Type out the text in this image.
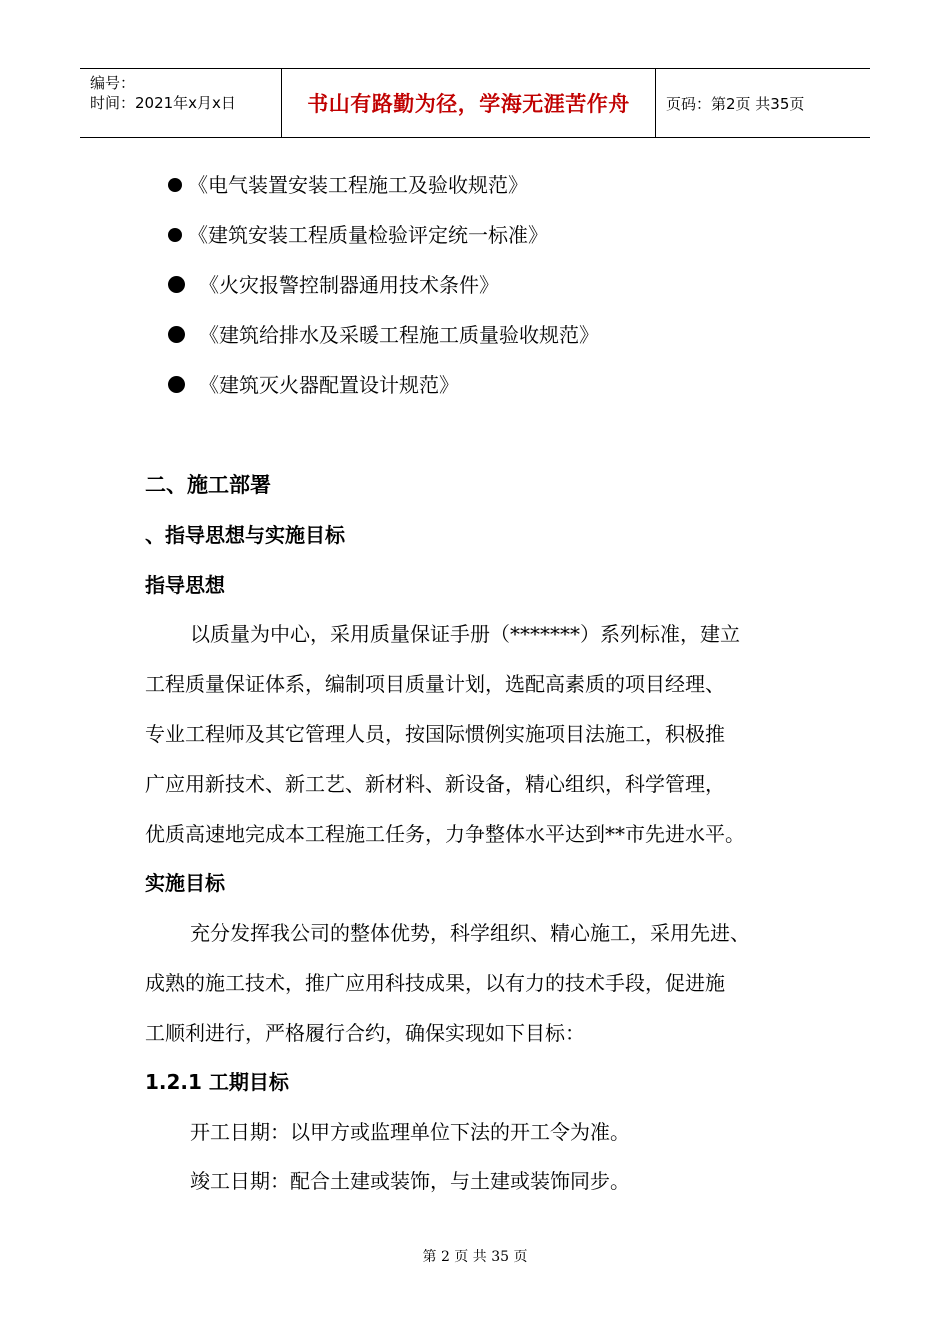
编号：
时间：2021年x月x日	书山有路勤为径，学海无涯苦作舟 页码：第2页 共35页
《电气装置安装工程施工及验收规范》
《建筑安装工程质量检验评定统一标准》
《火灾报警控制器通用技术条件》
《建筑给排水及采暖工程施工质量验收规范》
《建筑灭火器配置设计规范》
二、施工部署
、指导思想与实施目标
指导思想
以质量为中心，采用质量保证手册（*******）系列标准，建立
工程质量保证体系，编制项目质量计划，选配高素质的项目经理、
专业工程师及其它管理人员，按国际惯例实施项目法施工，积极推
广应用新技术、新工艺、新材料、新设备，精心组织，科学管理，
优质高速地完成本工程施工任务，力争整体水平达到**市先进水平。
实施目标
充分发挥我公司的整体优势，科学组织、精心施工，采用先进、
成熟的施工技术，推广应用科技成果，以有力的技术手段，促进施
工顺利进行，严格履行合约，确保实现如下目标：
1.2.1 工期目标
开工日期：以甲方或监理单位下法的开工令为准。
竣工日期：配合土建或装饰，与土建或装饰同步。
第 2 页 共 35 页
